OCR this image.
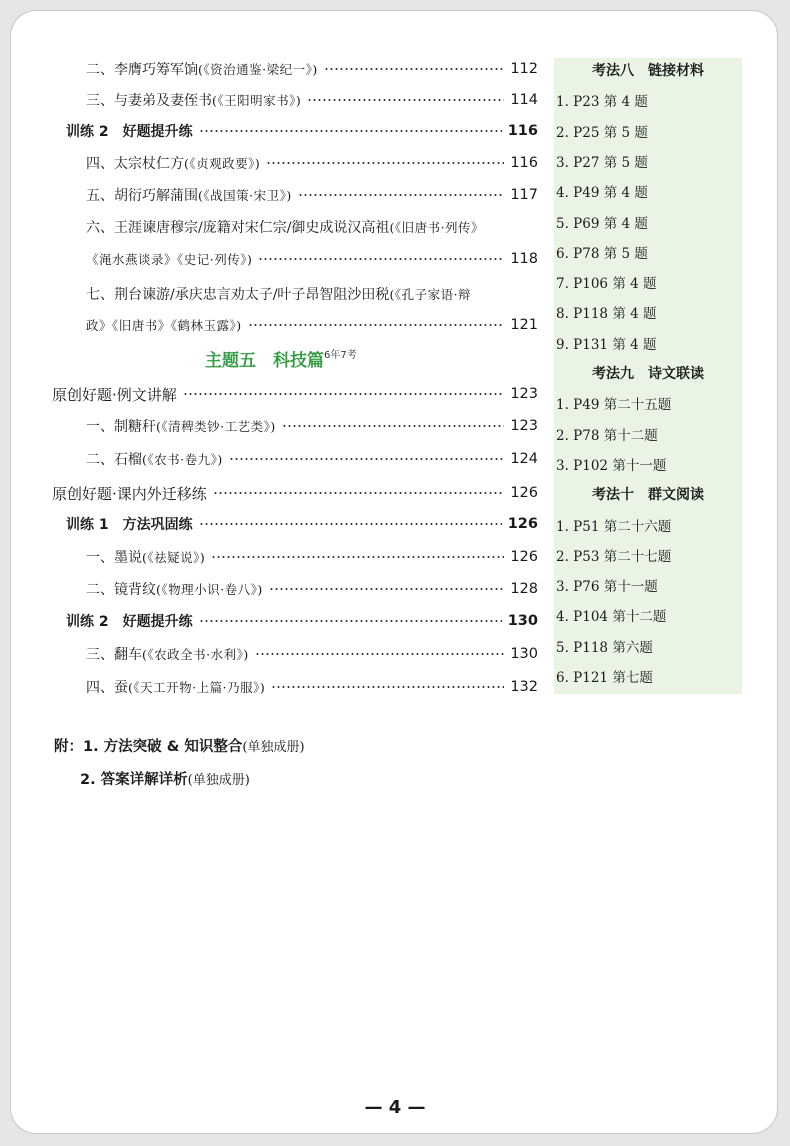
二、李膺巧筹军饷 (《资治通鉴·梁纪一》)	112
三、与妻弟及妻侄书 (《王阳明家书》)	114
训练 2　好题提升练	116
四、太宗杖仁方 (《贞观政要》)	116
五、胡衍巧解蒲围 (《战国策·宋卫》)	117
六、王涯谏唐穆宗/庞籍对宋仁宗/御史成说汉高祖 (《旧唐书·列传》
《渑水燕谈录》《史记·列传》)	118
七、荆台谏游/承庆忠言劝太子/叶子昂智阻沙田税 (《孔子家语·辩
政》《旧唐书》《鹤林玉露》)	121
主题五　科技篇$^{6年7考}$
原创好题·例文讲解	123
一、制糖秆 (《清稗类钞·工艺类》)	123
二、石榴 (《农书·卷九》)	124
原创好题·课内外迁移练	126
训练 1　方法巩固练	126
一、墨说 (《祛疑说》)	126
二、镜背纹 (《物理小识·卷八》)	128
训练 2　好题提升练	130
三、翻车 (《农政全书·水利》)	130
四、蚕 (《天工开物·上篇·乃服》)	132
考法八　链接材料
1. P23 第 4 题
2. P25 第 5 题
3. P27 第 5 题
4. P49 第 4 题
5. P69 第 4 题
6. P78 第 5 题
7. P106 第 4 题
8. P118 第 4 题
9. P131 第 4 题
考法九　诗文联读
1. P49 第二十五题
2. P78 第十二题
3. P102 第十一题
考法十　群文阅读
1. P51 第二十六题
2. P53 第二十七题
3. P76 第十一题
4. P104 第十二题
5. P118 第六题
6. P121 第七题
附：1. 方法突破 & 知识整合(单独成册)
2. 答案详解详析(单独成册)
— 4 —
